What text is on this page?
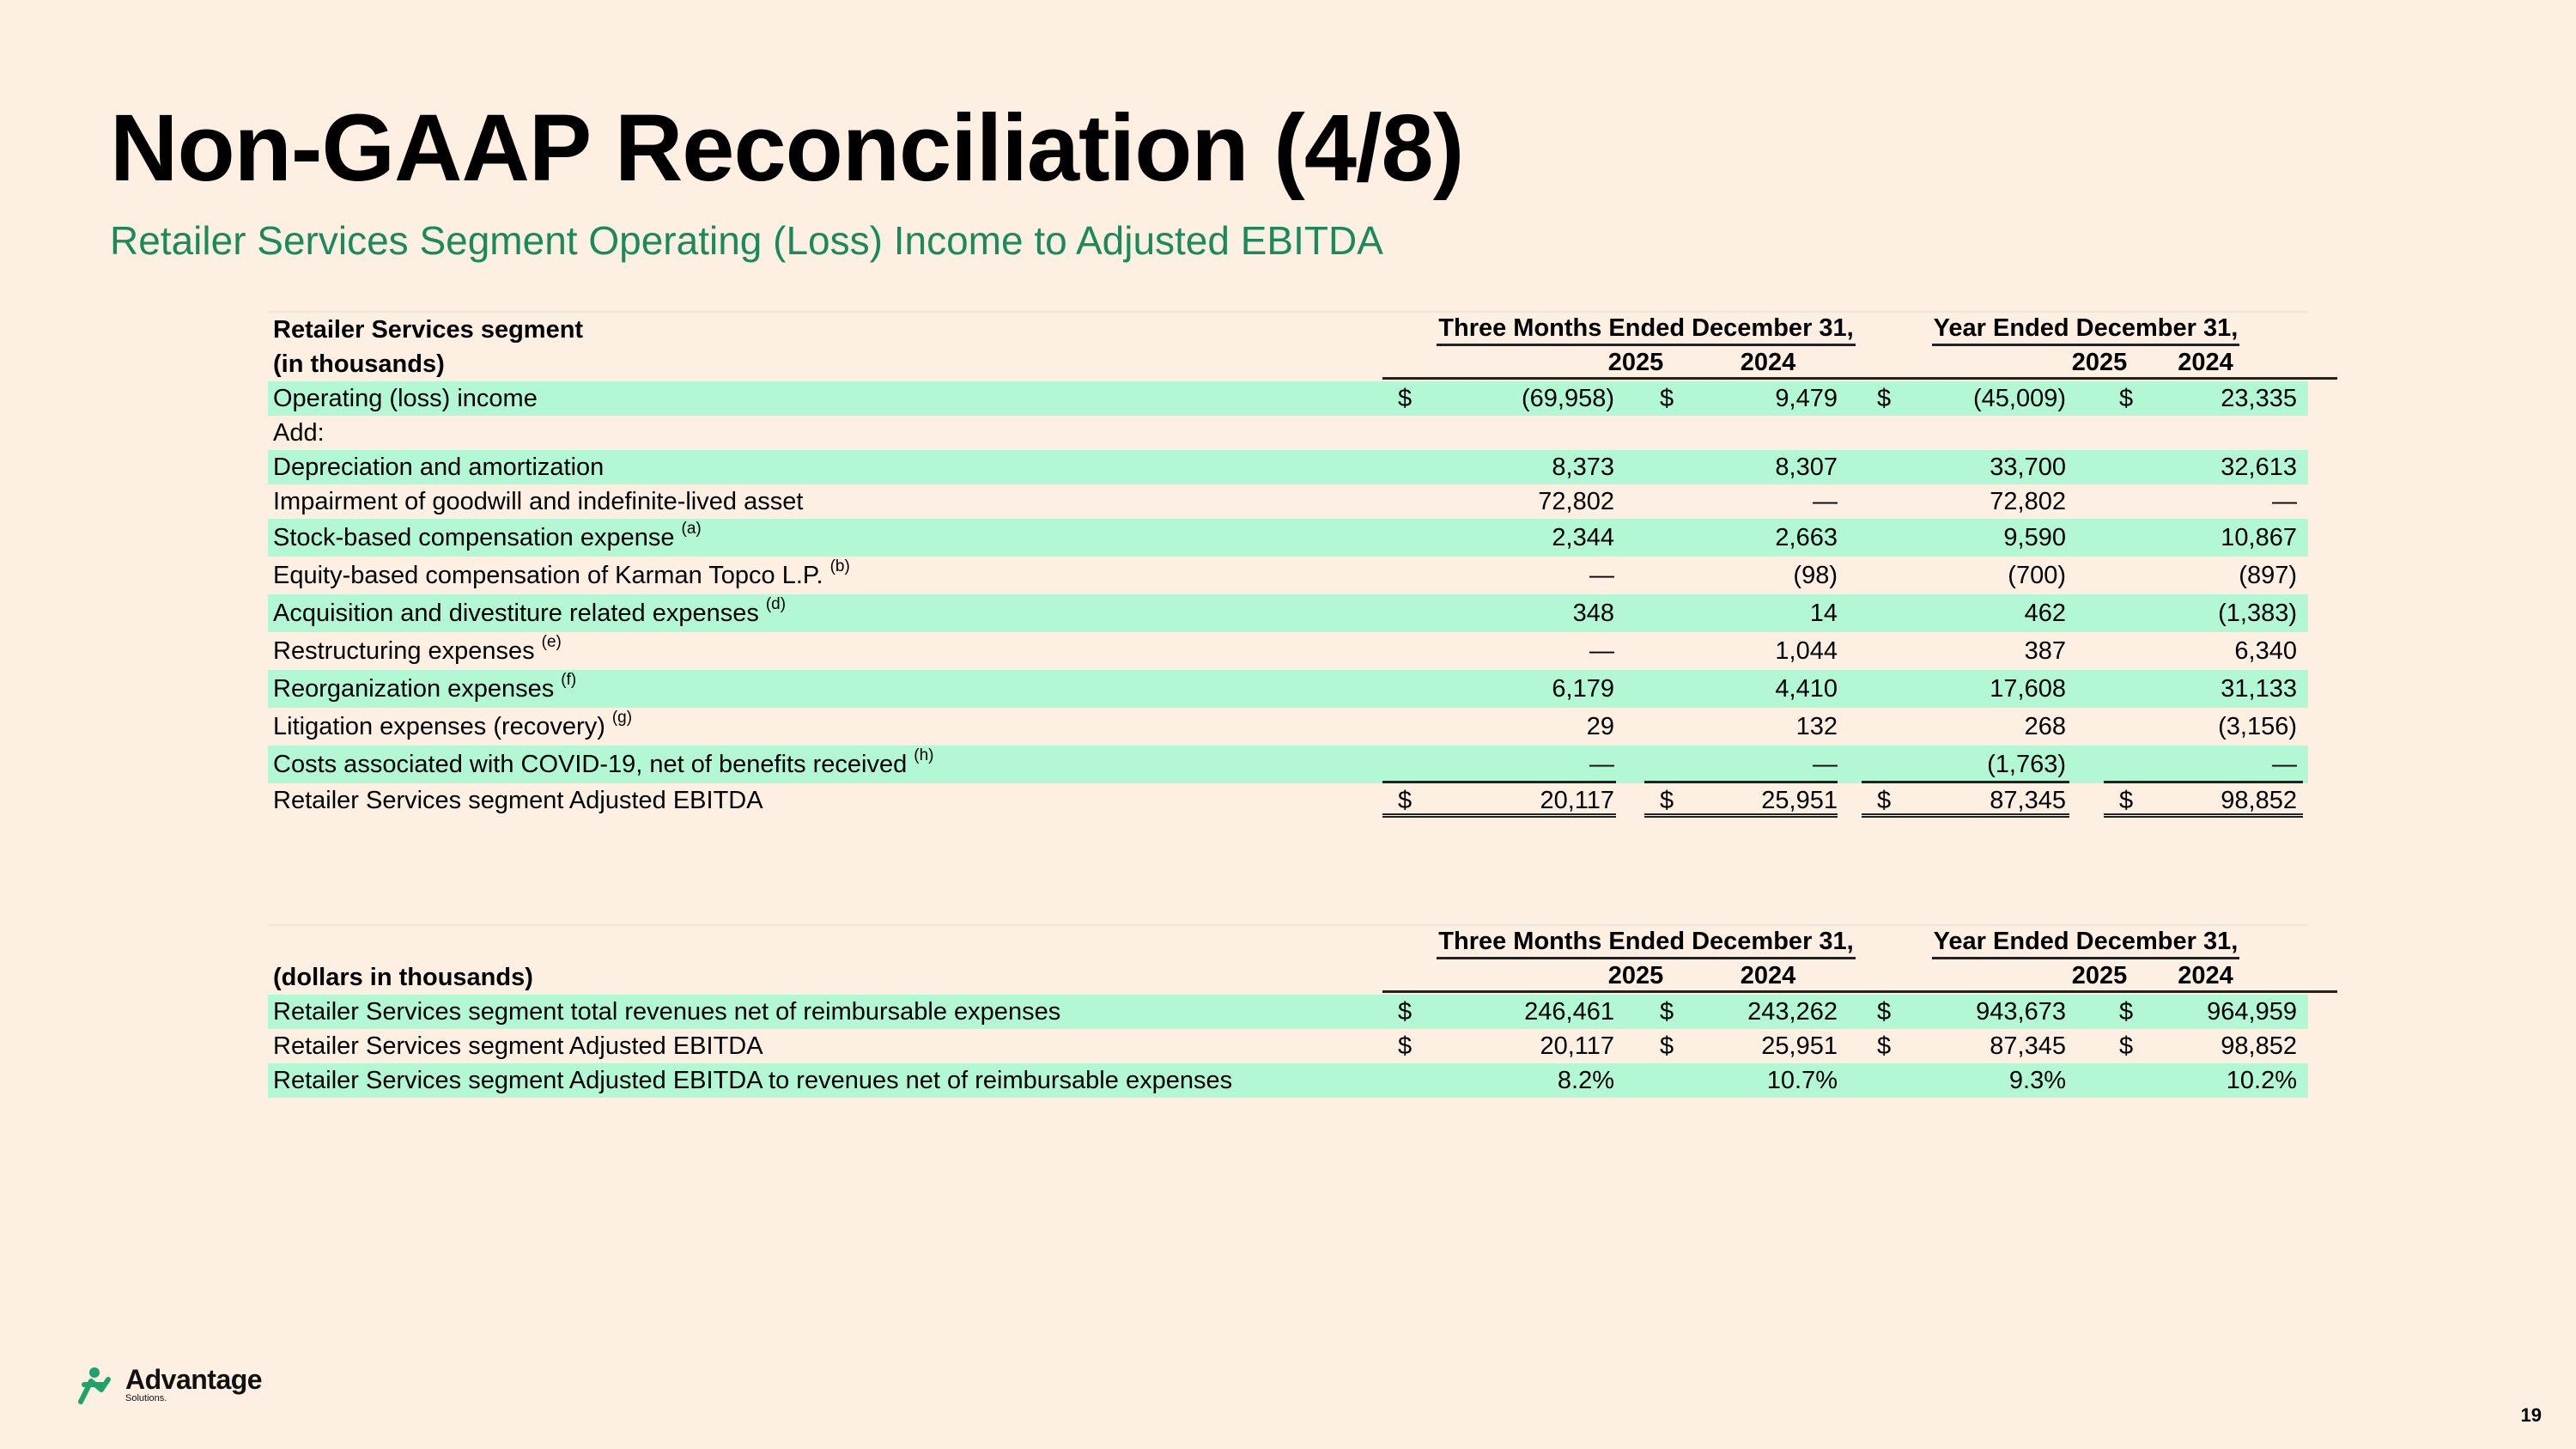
Non-GAAP Reconciliation (4/8)
Retailer Services Segment Operating (Loss) Income to Adjusted EBITDA
Retailer Services segment	Three Months Ended December 31,	Year Ended December 31,
(in thousands)	2025	2024	2025	2024
Operating (loss) income	$	(69,958)	$	9,479	$	(45,009)	$	23,335
Add:
Depreciation and amortization	8,373	8,307	33,700	32,613
Impairment of goodwill and indefinite-lived asset	72,802	—	72,802	—
Stock-based compensation expense $^{(a)}$	2,344	2,663	9,590	10,867
Equity-based compensation of Karman Topco L.P. $^{(b)}$	—	(98)	(700)	(897)
Acquisition and divestiture related expenses $^{(d)}$	348	14	462	(1,383)
Restructuring expenses $^{(e)}$	—	1,044	387	6,340
Reorganization expenses $^{(f)}$	6,179	4,410	17,608	31,133
Litigation expenses (recovery) $^{(g)}$	29	132	268	(3,156)
Costs associated with COVID-19, net of benefits received $^{(h)}$	—	—	(1,763)	—
Retailer Services segment Adjusted EBITDA	$	20,117	$	25,951	$	87,345	$	98,852
Three Months Ended December 31,	Year Ended December 31,
(dollars in thousands)	2025	2024	2025	2024
Retailer Services segment total revenues net of reimbursable expenses	$	246,461	$	243,262	$	943,673	$	964,959
Retailer Services segment Adjusted EBITDA	$	20,117	$	25,951	$	87,345	$	98,852
Retailer Services segment Adjusted EBITDA to revenues net of reimbursable expenses	8.2%	10.7%	9.3%	10.2%
Advantage
Solutions.
19
